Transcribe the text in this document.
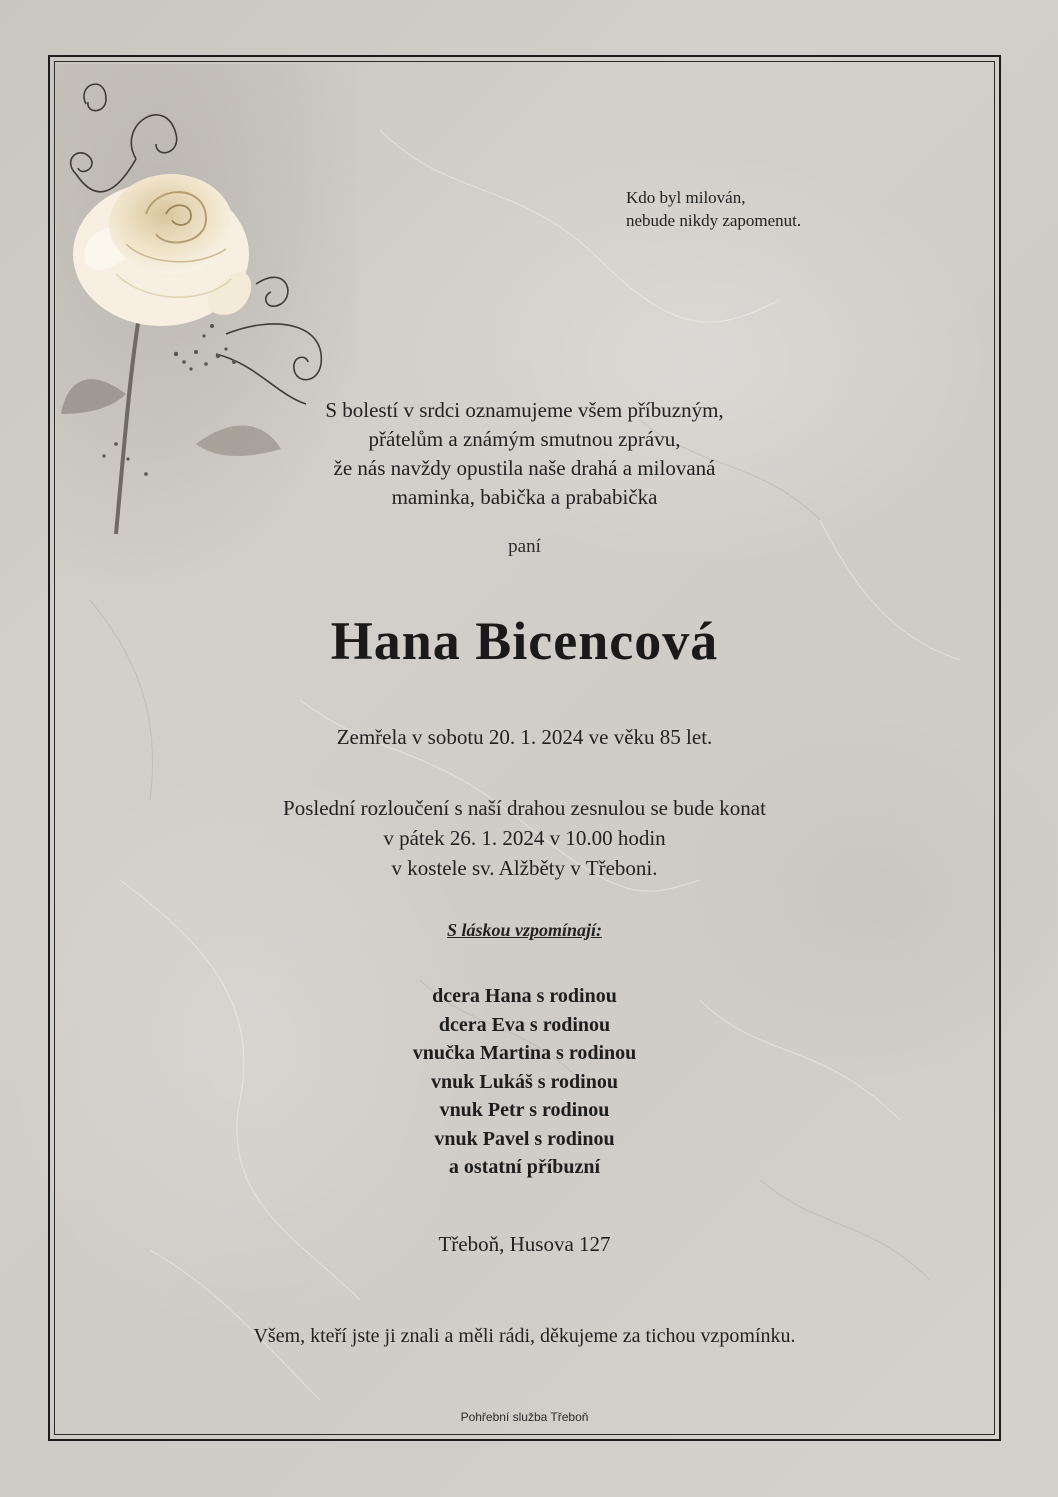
Kdo byl milován,
nebude nikdy zapomenut.
S bolestí v srdci oznamujeme všem příbuzným,
přátelům a známým smutnou zprávu,
že nás navždy opustila naše drahá a milovaná
maminka, babička a prababička
paní
Hana Bicencová
Zemřela v sobotu 20. 1. 2024 ve věku 85 let.
Poslední rozloučení s naší drahou zesnulou se bude konat
v pátek 26. 1. 2024 v 10.00 hodin
v kostele sv. Alžběty v Třeboni.
S láskou vzpomínají:
dcera Hana s rodinou
dcera Eva s rodinou
vnučka Martina s rodinou
vnuk Lukáš s rodinou
vnuk Petr s rodinou
vnuk Pavel s rodinou
a ostatní příbuzní
Třeboň, Husova 127
Všem, kteří jste ji znali a měli rádi, děkujeme za tichou vzpomínku.
Pohřební služba Třeboň
